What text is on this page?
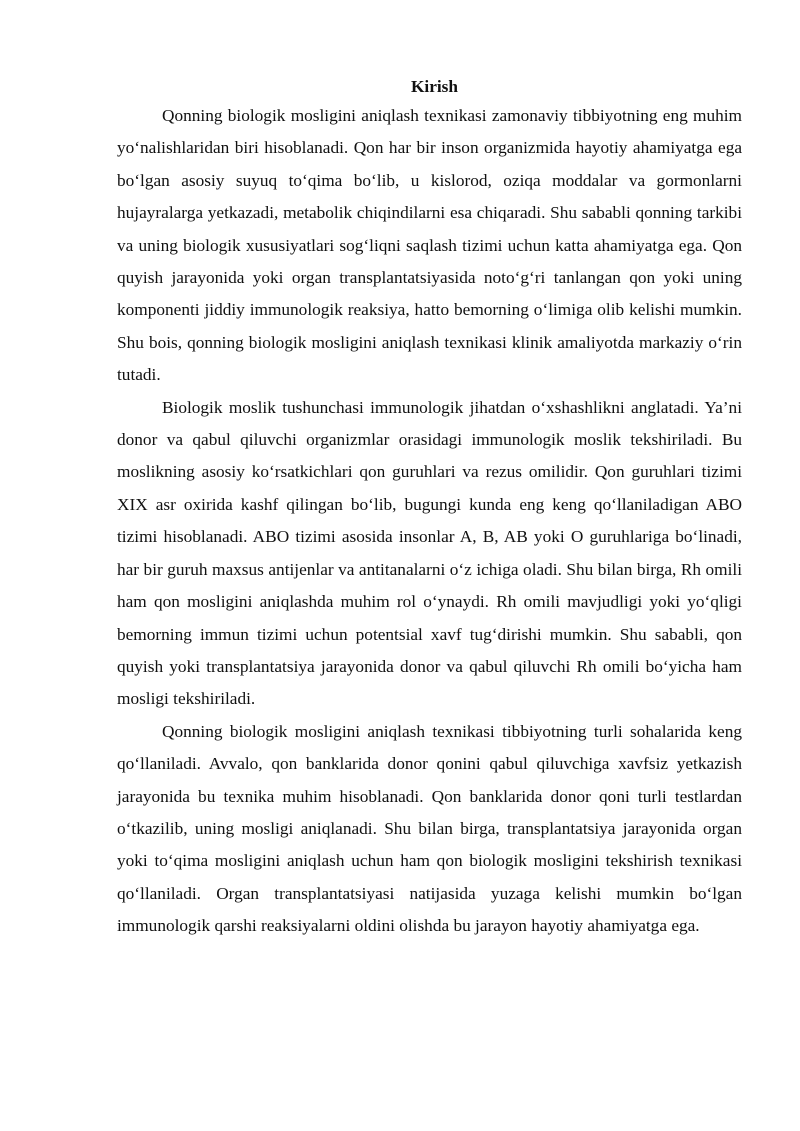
Kirish

Qonning biologik mosligini aniqlash texnikasi zamonaviy tibbiyotning eng muhim yo‘nalishlaridan biri hisoblanadi. Qon har bir inson organizmida hayotiy ahamiyatga ega bo‘lgan asosiy suyuq to‘qima bo‘lib, u kislorod, oziqa moddalar va gormonlarni hujayralarga yetkazadi, metabolik chiqindilarni esa chiqaradi. Shu sababli qonning tarkibi va uning biologik xususiyatlari sog‘liqni saqlash tizimi uchun katta ahamiyatga ega. Qon quyish jarayonida yoki organ transplantatsiyasida noto‘g‘ri tanlangan qon yoki uning komponenti jiddiy immunologik reaksiya, hatto bemorning o‘limiga olib kelishi mumkin. Shu bois, qonning biologik mosligini aniqlash texnikasi klinik amaliyotda markaziy o‘rin tutadi.

Biologik moslik tushunchasi immunologik jihatdan o‘xshashlikni anglatadi. Ya’ni donor va qabul qiluvchi organizmlar orasidagi immunologik moslik tekshiriladi. Bu moslikning asosiy ko‘rsatkichlari qon guruhlari va rezus omilidir. Qon guruhlari tizimi XIX asr oxirida kashf qilingan bo‘lib, bugungi kunda eng keng qo‘llaniladigan ABO tizimi hisoblanadi. ABO tizimi asosida insonlar A, B, AB yoki O guruhlariga bo‘linadi, har bir guruh maxsus antijenlar va antitanalarni o‘z ichiga oladi. Shu bilan birga, Rh omili ham qon mosligini aniqlashda muhim rol o‘ynaydi. Rh omili mavjudligi yoki yo‘qligi bemorning immun tizimi uchun potentsial xavf tug‘dirishi mumkin. Shu sababli, qon quyish yoki transplantatsiya jarayonida donor va qabul qiluvchi Rh omili bo‘yicha ham mosligi tekshiriladi.

Qonning biologik mosligini aniqlash texnikasi tibbiyotning turli sohalarida keng qo‘llaniladi. Avvalo, qon banklarida donor qonini qabul qiluvchiga xavfsiz yetkazish jarayonida bu texnika muhim hisoblanadi. Qon banklarida donor qoni turli testlardan o‘tkazilib, uning mosligi aniqlanadi. Shu bilan birga, transplantatsiya jarayonida organ yoki to‘qima mosligini aniqlash uchun ham qon biologik mosligini tekshirish texnikasi qo‘llaniladi. Organ transplantatsiyasi natijasida yuzaga kelishi mumkin bo‘lgan immunologik qarshi reaksiyalarni oldini olishda bu jarayon hayotiy ahamiyatga ega.
